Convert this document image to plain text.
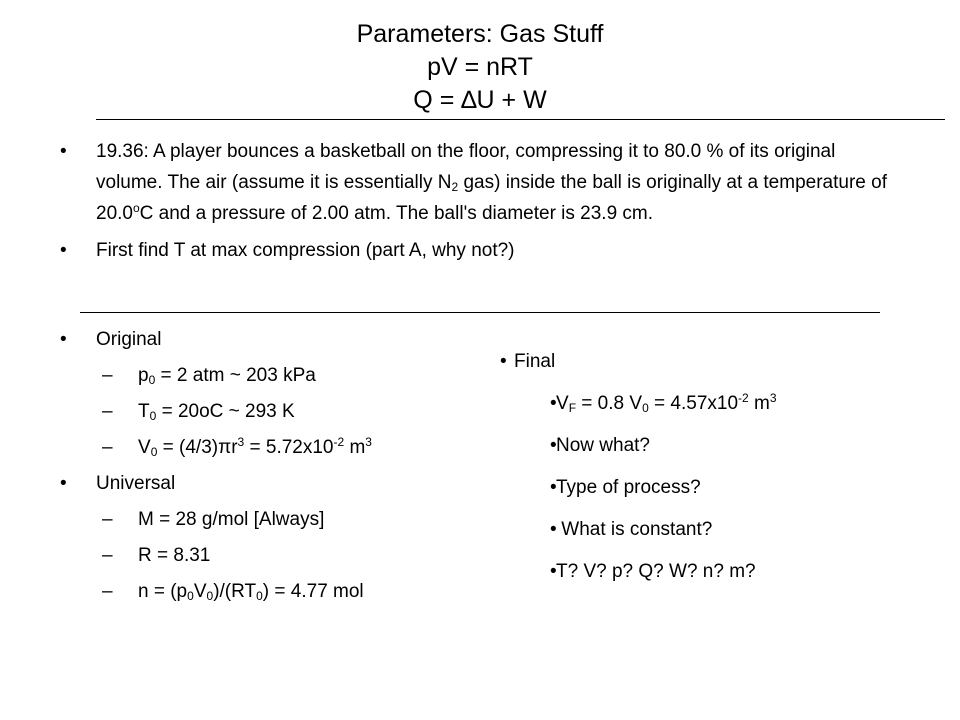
Parameters: Gas Stuff
pV = nRT
Q = ∆U + W
• 19.36: A player bounces a basketball on the floor, compressing it to 80.0 % of its original volume. The air (assume it is essentially $N_2$ gas) inside the ball is originally at a temperature of 20.0$^o$C and a pressure of 2.00 atm. The ball's diameter is 23.9 cm.
• First find T at max compression (part A, why not?)
• Original
– $p_0 = 2$ atm ~ 203 kPa
– $T_0 = 20oC$ ~ 293 K
– $V_0 = (4/3)\pi r^3 = 5.72x10^{-2}$ $m^3$
• Universal
– M = 28 g/mol [Always]
– R = 8.31
– $n = (p_0V_0)/(RT_0) = 4.77$ mol
• Final
• $V_F = 0.8$ $V_0 = 4.57x10^{-2}$ $m^3$
• Now what?
• Type of process?
• What is constant?
• T? V? p? Q? W? n? m?
